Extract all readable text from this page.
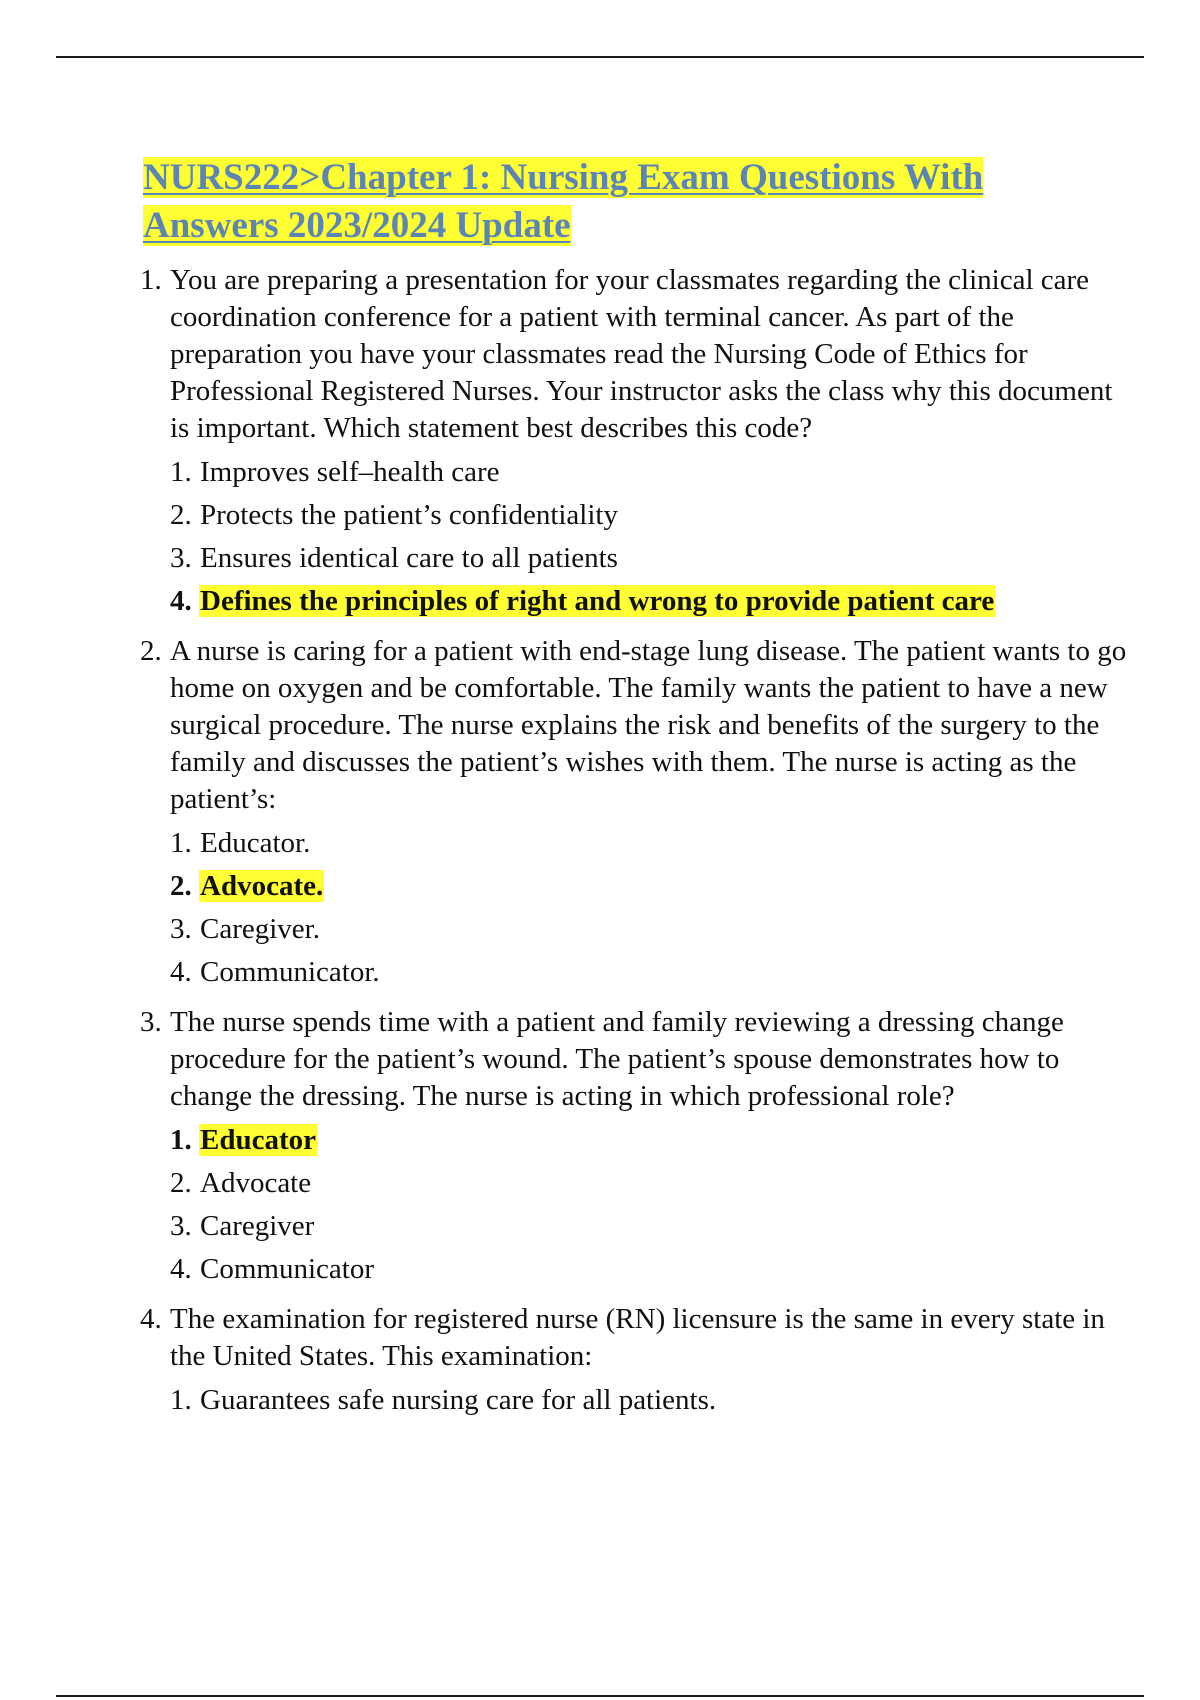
NURS222>Chapter 1: Nursing Exam Questions With Answers 2023/2024 Update
1. You are preparing a presentation for your classmates regarding the clinical care coordination conference for a patient with terminal cancer. As part of the preparation you have your classmates read the Nursing Code of Ethics for Professional Registered Nurses. Your instructor asks the class why this document is important. Which statement best describes this code?
1. Improves self–health care
2. Protects the patient’s confidentiality
3. Ensures identical care to all patients
4. Defines the principles of right and wrong to provide patient care
2. A nurse is caring for a patient with end-stage lung disease. The patient wants to go home on oxygen and be comfortable. The family wants the patient to have a new surgical procedure. The nurse explains the risk and benefits of the surgery to the family and discusses the patient’s wishes with them. The nurse is acting as the patient’s:
1. Educator.
2. Advocate.
3. Caregiver.
4. Communicator.
3. The nurse spends time with a patient and family reviewing a dressing change procedure for the patient’s wound. The patient’s spouse demonstrates how to change the dressing. The nurse is acting in which professional role?
1. Educator
2. Advocate
3. Caregiver
4. Communicator
4. The examination for registered nurse (RN) licensure is the same in every state in the United States. This examination:
1. Guarantees safe nursing care for all patients.
